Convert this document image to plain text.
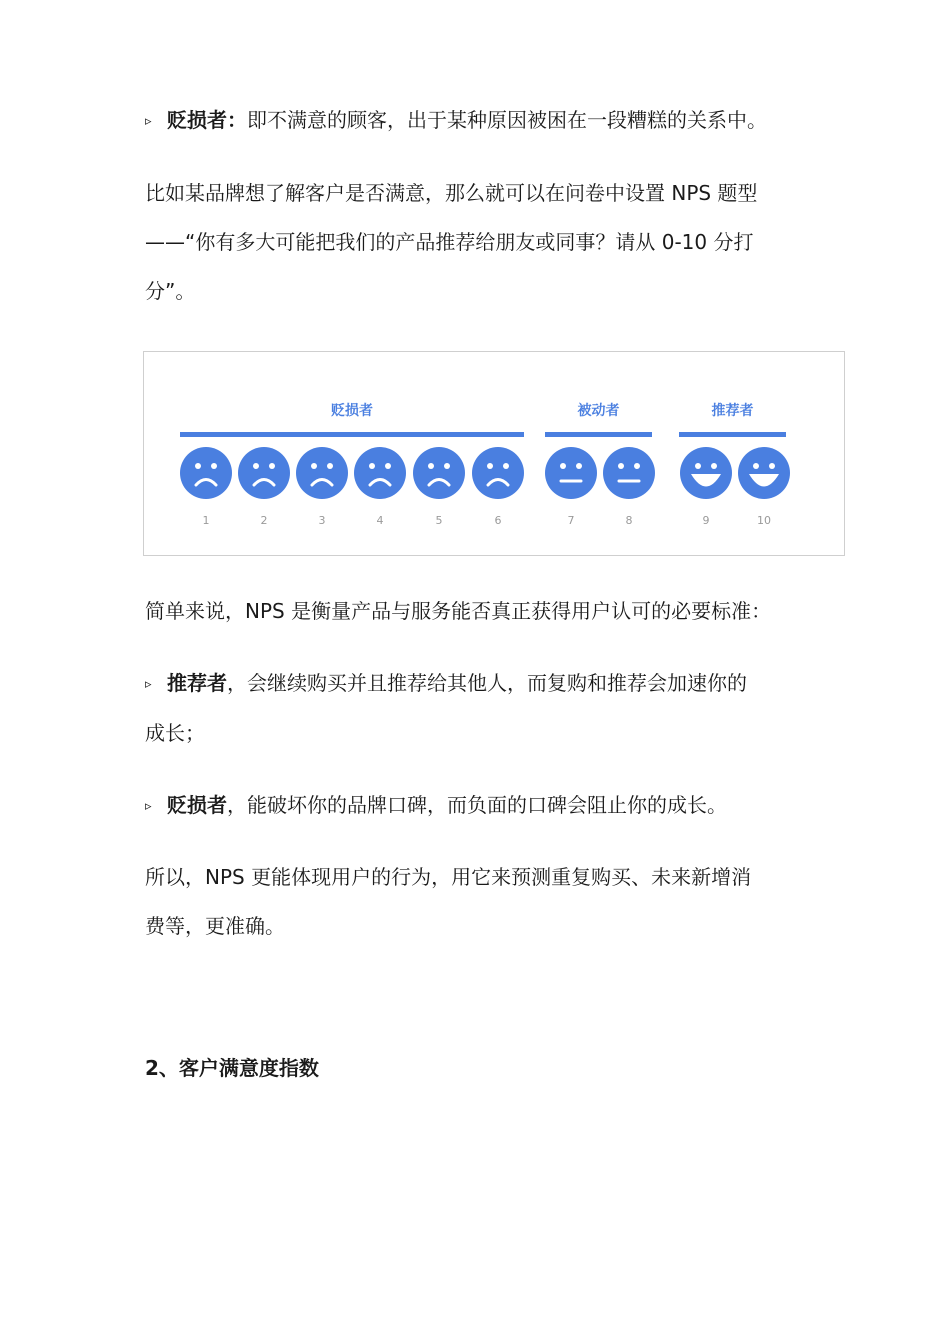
▹ 贬损者：即不满意的顾客，出于某种原因被困在一段糟糕的关系中。

比如某品牌想了解客户是否满意，那么就可以在问卷中设置 NPS 题型
——“你有多大可能把我们的产品推荐给朋友或同事？请从 0-10 分打
分”。

贬损者
1	2	3	4	5	6
被动者
7	8
推荐者
9	10

简单来说，NPS 是衡量产品与服务能否真正获得用户认可的必要标准：

▹ 推荐者，会继续购买并且推荐给其他人，而复购和推荐会加速你的
成长；

▹ 贬损者，能破坏你的品牌口碑，而负面的口碑会阻止你的成长。

所以，NPS 更能体现用户的行为，用它来预测重复购买、未来新增消
费等，更准确。

2、客户满意度指数
